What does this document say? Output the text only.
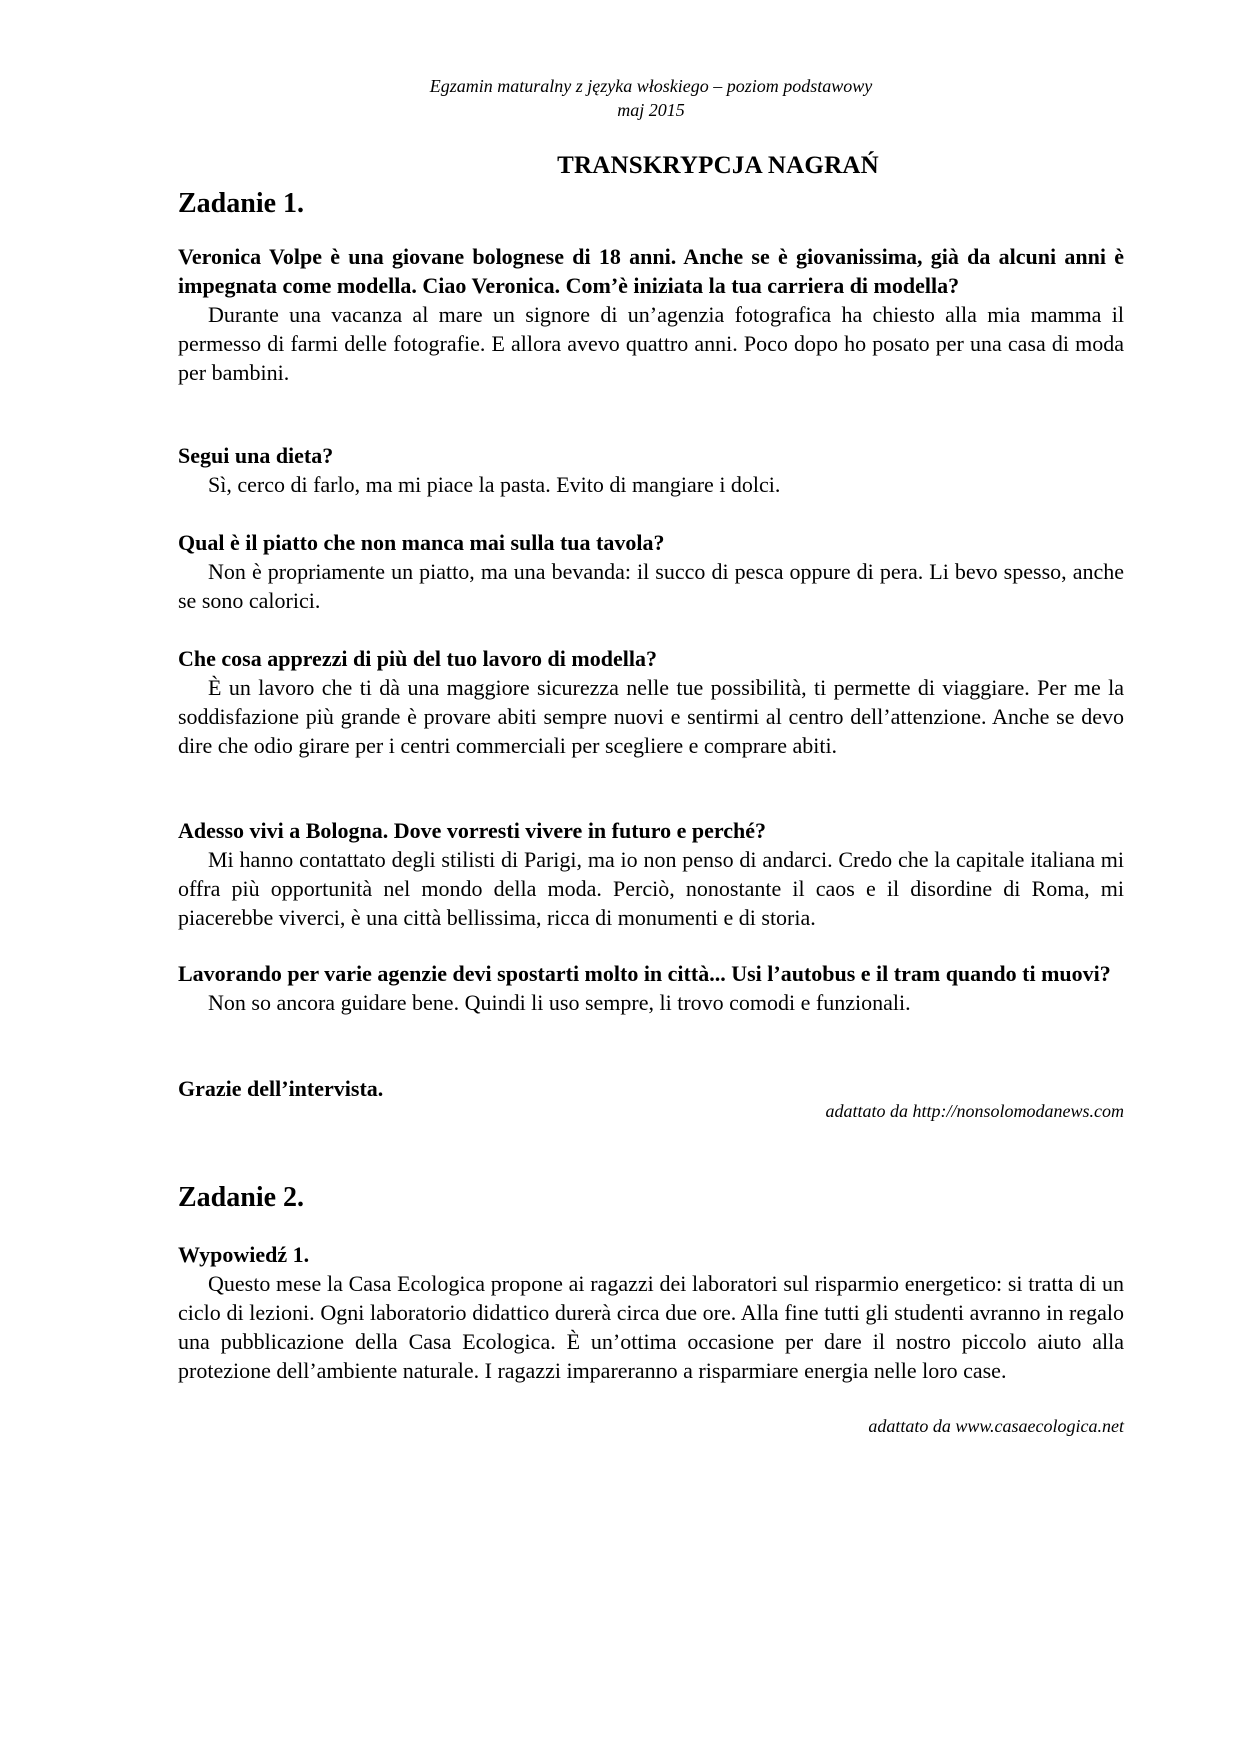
Egzamin maturalny z języka włoskiego – poziom podstawowy
maj 2015
TRANSKRYPCJA NAGRAŃ
Zadanie 1.

Veronica Volpe è una giovane bolognese di 18 anni. Anche se è giovanissima, già da alcuni anni è impegnata come modella. Ciao Veronica. Com’è iniziata la tua carriera di modella?

Durante una vacanza al mare un signore di un’agenzia fotografica ha chiesto alla mia mamma il permesso di farmi delle fotografie. E allora avevo quattro anni. Poco dopo ho posato per una casa di moda per bambini.

Segui una dieta?

Sì, cerco di farlo, ma mi piace la pasta. Evito di mangiare i dolci.

Qual è il piatto che non manca mai sulla tua tavola?

Non è propriamente un piatto, ma una bevanda: il succo di pesca oppure di pera. Li bevo spesso, anche se sono calorici.

Che cosa apprezzi di più del tuo lavoro di modella?

È un lavoro che ti dà una maggiore sicurezza nelle tue possibilità, ti permette di viaggiare. Per me la soddisfazione più grande è provare abiti sempre nuovi e sentirmi al centro dell’attenzione. Anche se devo dire che odio girare per i centri commerciali per scegliere e comprare abiti.

Adesso vivi a Bologna. Dove vorresti vivere in futuro e perché?

Mi hanno contattato degli stilisti di Parigi, ma io non penso di andarci. Credo che la capitale italiana mi offra più opportunità nel mondo della moda. Perciò, nonostante il caos e il disordine di Roma, mi piacerebbe viverci, è una città bellissima, ricca di monumenti e di storia.

Lavorando per varie agenzie devi spostarti molto in città... Usi l’autobus e il tram quando ti muovi?

Non so ancora guidare bene. Quindi li uso sempre, li trovo comodi e funzionali.

Grazie dell’intervista.

adattato da http://nonsolomodanews.com

Zadanie 2.

Wypowiedź 1.

Questo mese la Casa Ecologica propone ai ragazzi dei laboratori sul risparmio energetico: si tratta di un ciclo di lezioni. Ogni laboratorio didattico durerà circa due ore. Alla fine tutti gli studenti avranno in regalo una pubblicazione della Casa Ecologica. È un’ottima occasione per dare il nostro piccolo aiuto alla protezione dell’ambiente naturale. I ragazzi impareranno a risparmiare energia nelle loro case.

adattato da www.casaecologica.net
